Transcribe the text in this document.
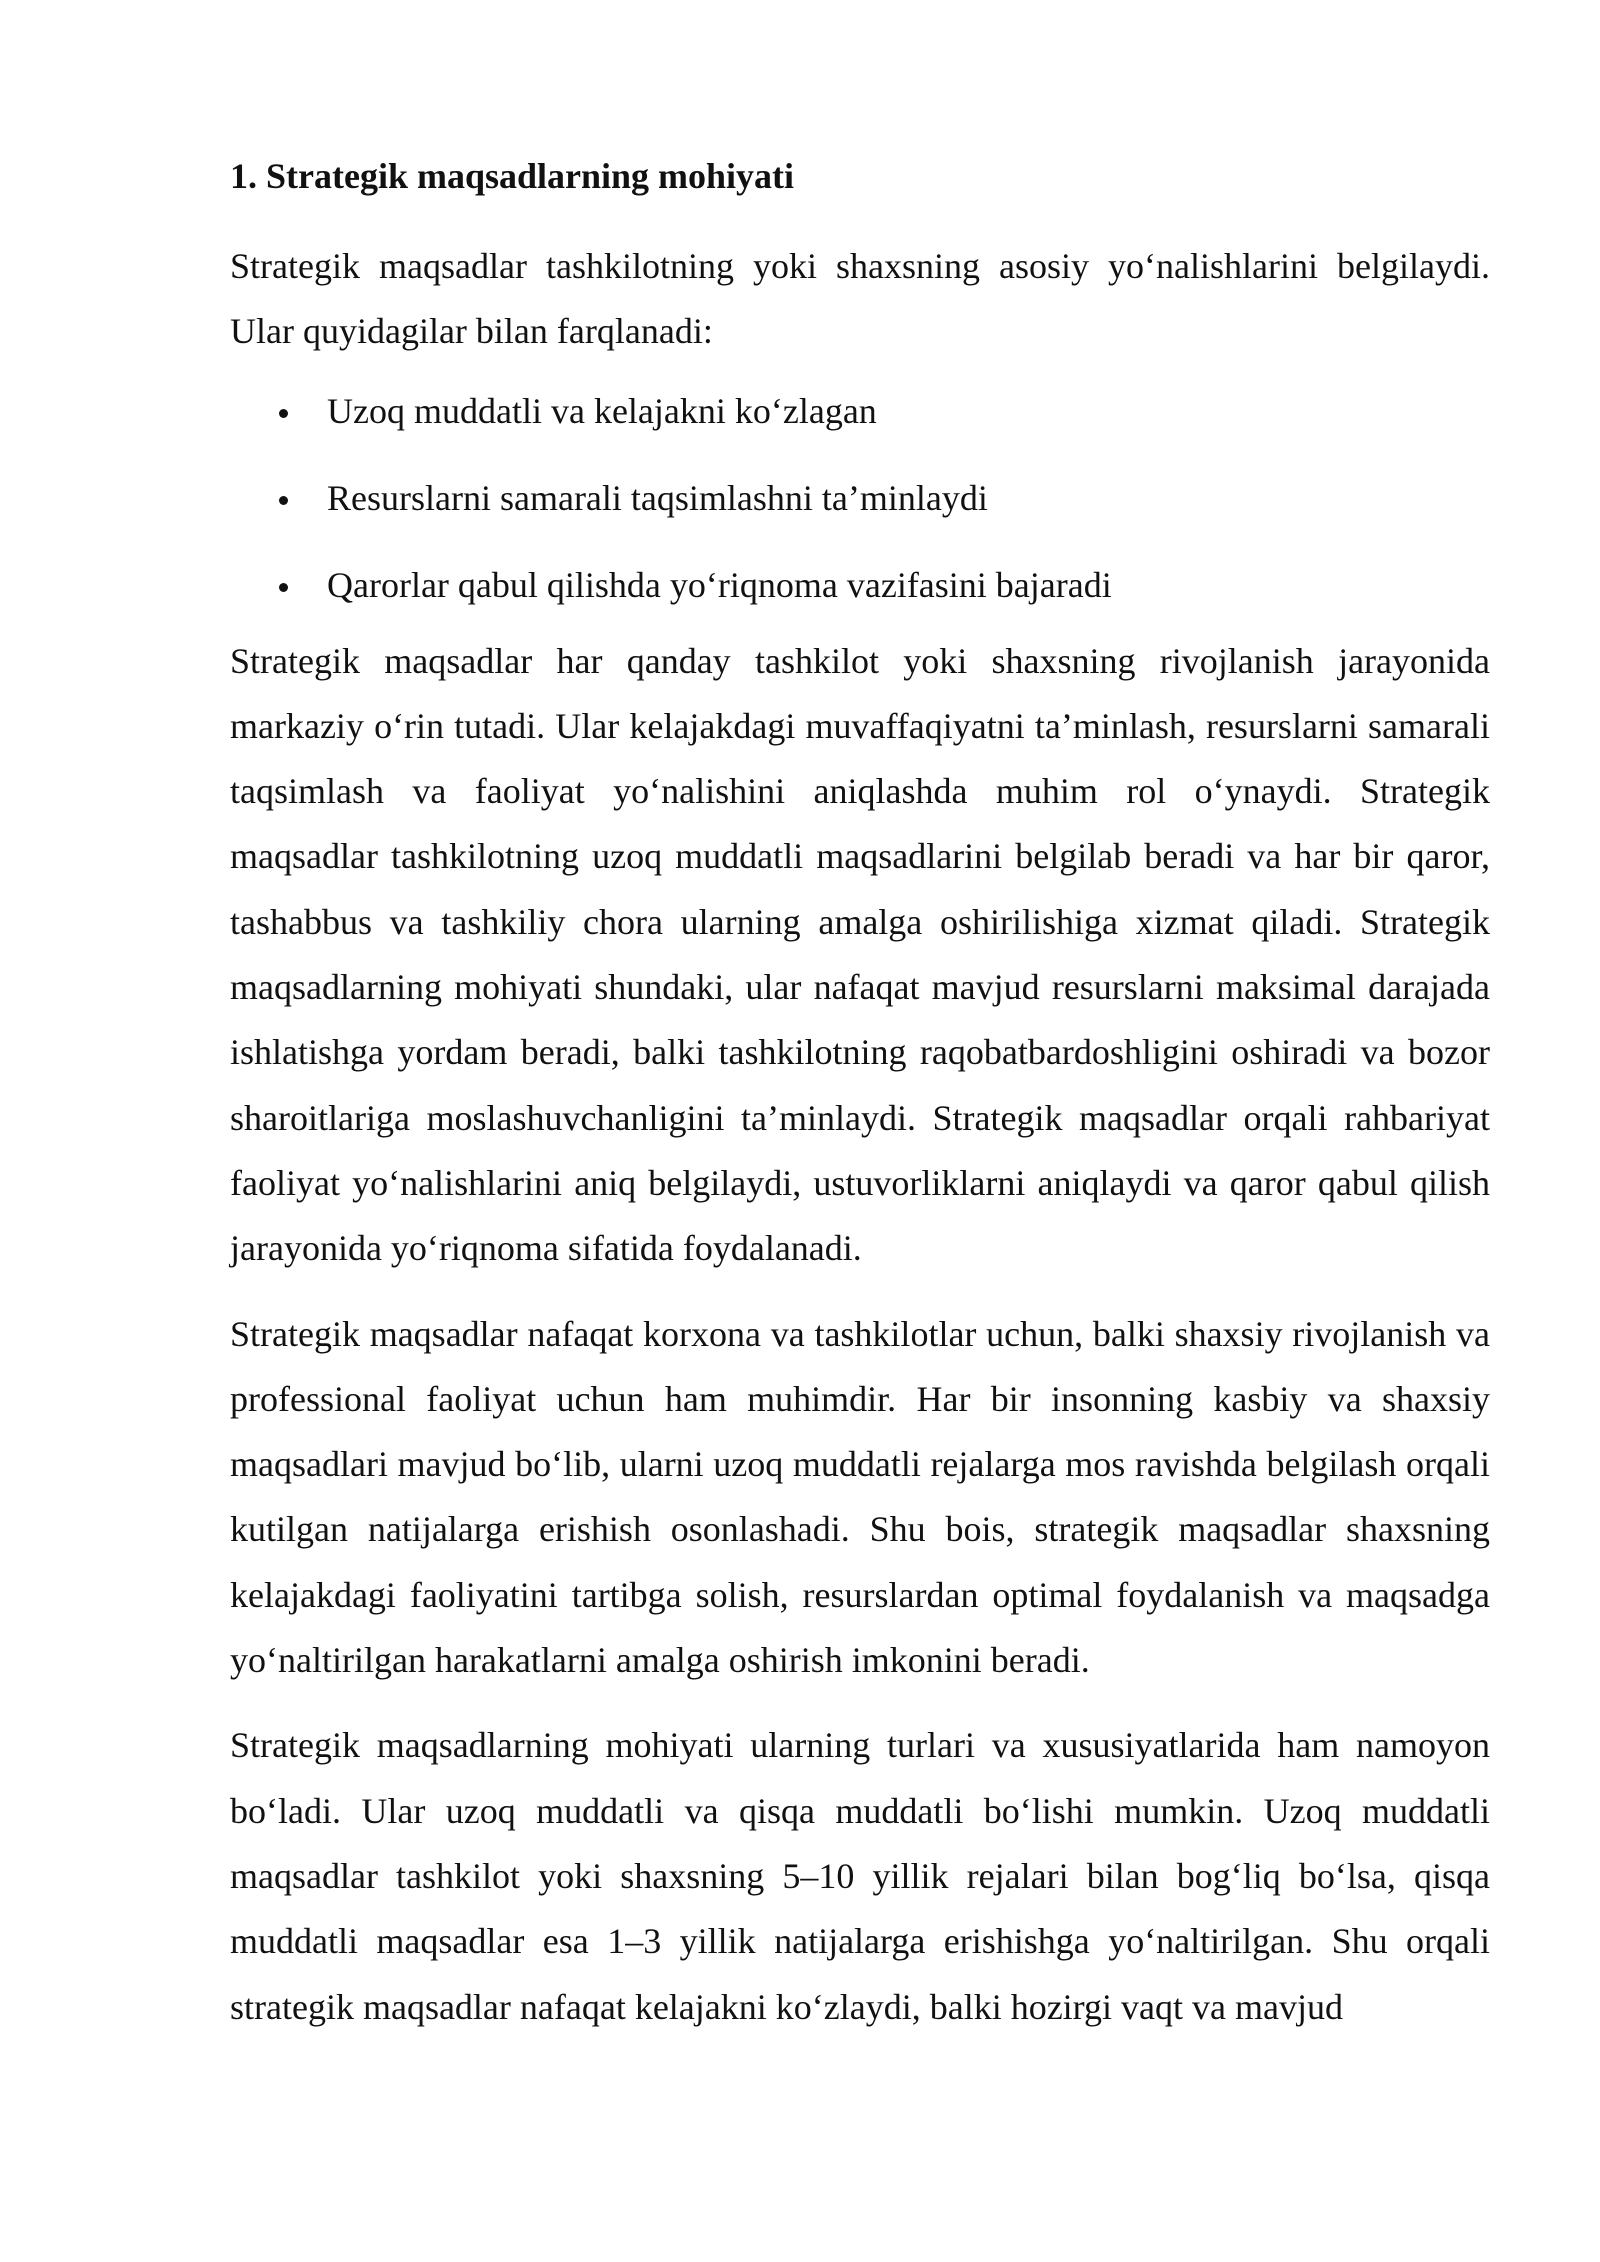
1. Strategik maqsadlarning mohiyati

Strategik maqsadlar tashkilotning yoki shaxsning asosiy yo‘nalishlarini belgilaydi. Ular quyidagilar bilan farqlanadi:

Uzoq muddatli va kelajakni ko‘zlagan
Resurslarni samarali taqsimlashni ta’minlaydi
Qarorlar qabul qilishda yo‘riqnoma vazifasini bajaradi

Strategik maqsadlar har qanday tashkilot yoki shaxsning rivojlanish jarayonida markaziy o‘rin tutadi. Ular kelajakdagi muvaffaqiyatni ta’minlash, resurslarni samarali taqsimlash va faoliyat yo‘nalishini aniqlashda muhim rol o‘ynaydi. Strategik maqsadlar tashkilotning uzoq muddatli maqsadlarini belgilab beradi va har bir qaror, tashabbus va tashkiliy chora ularning amalga oshirilishiga xizmat qiladi. Strategik maqsadlarning mohiyati shundaki, ular nafaqat mavjud resurslarni maksimal darajada ishlatishga yordam beradi, balki tashkilotning raqobatbardoshligini oshiradi va bozor sharoitlariga moslashuvchanligini ta’minlaydi. Strategik maqsadlar orqali rahbariyat faoliyat yo‘nalishlarini aniq belgilaydi, ustuvorliklarni aniqlaydi va qaror qabul qilish jarayonida yo‘riqnoma sifatida foydalanadi.

Strategik maqsadlar nafaqat korxona va tashkilotlar uchun, balki shaxsiy rivojlanish va professional faoliyat uchun ham muhimdir. Har bir insonning kasbiy va shaxsiy maqsadlari mavjud bo‘lib, ularni uzoq muddatli rejalarga mos ravishda belgilash orqali kutilgan natijalarga erishish osonlashadi. Shu bois, strategik maqsadlar shaxsning kelajakdagi faoliyatini tartibga solish, resurslardan optimal foydalanish va maqsadga yo‘naltirilgan harakatlarni amalga oshirish imkonini beradi.

Strategik maqsadlarning mohiyati ularning turlari va xususiyatlarida ham namoyon bo‘ladi. Ular uzoq muddatli va qisqa muddatli bo‘lishi mumkin. Uzoq muddatli maqsadlar tashkilot yoki shaxsning 5–10 yillik rejalari bilan bog‘liq bo‘lsa, qisqa muddatli maqsadlar esa 1–3 yillik natijalarga erishishga yo‘naltirilgan. Shu orqali strategik maqsadlar nafaqat kelajakni ko‘zlaydi, balki hozirgi vaqt va mavjud
